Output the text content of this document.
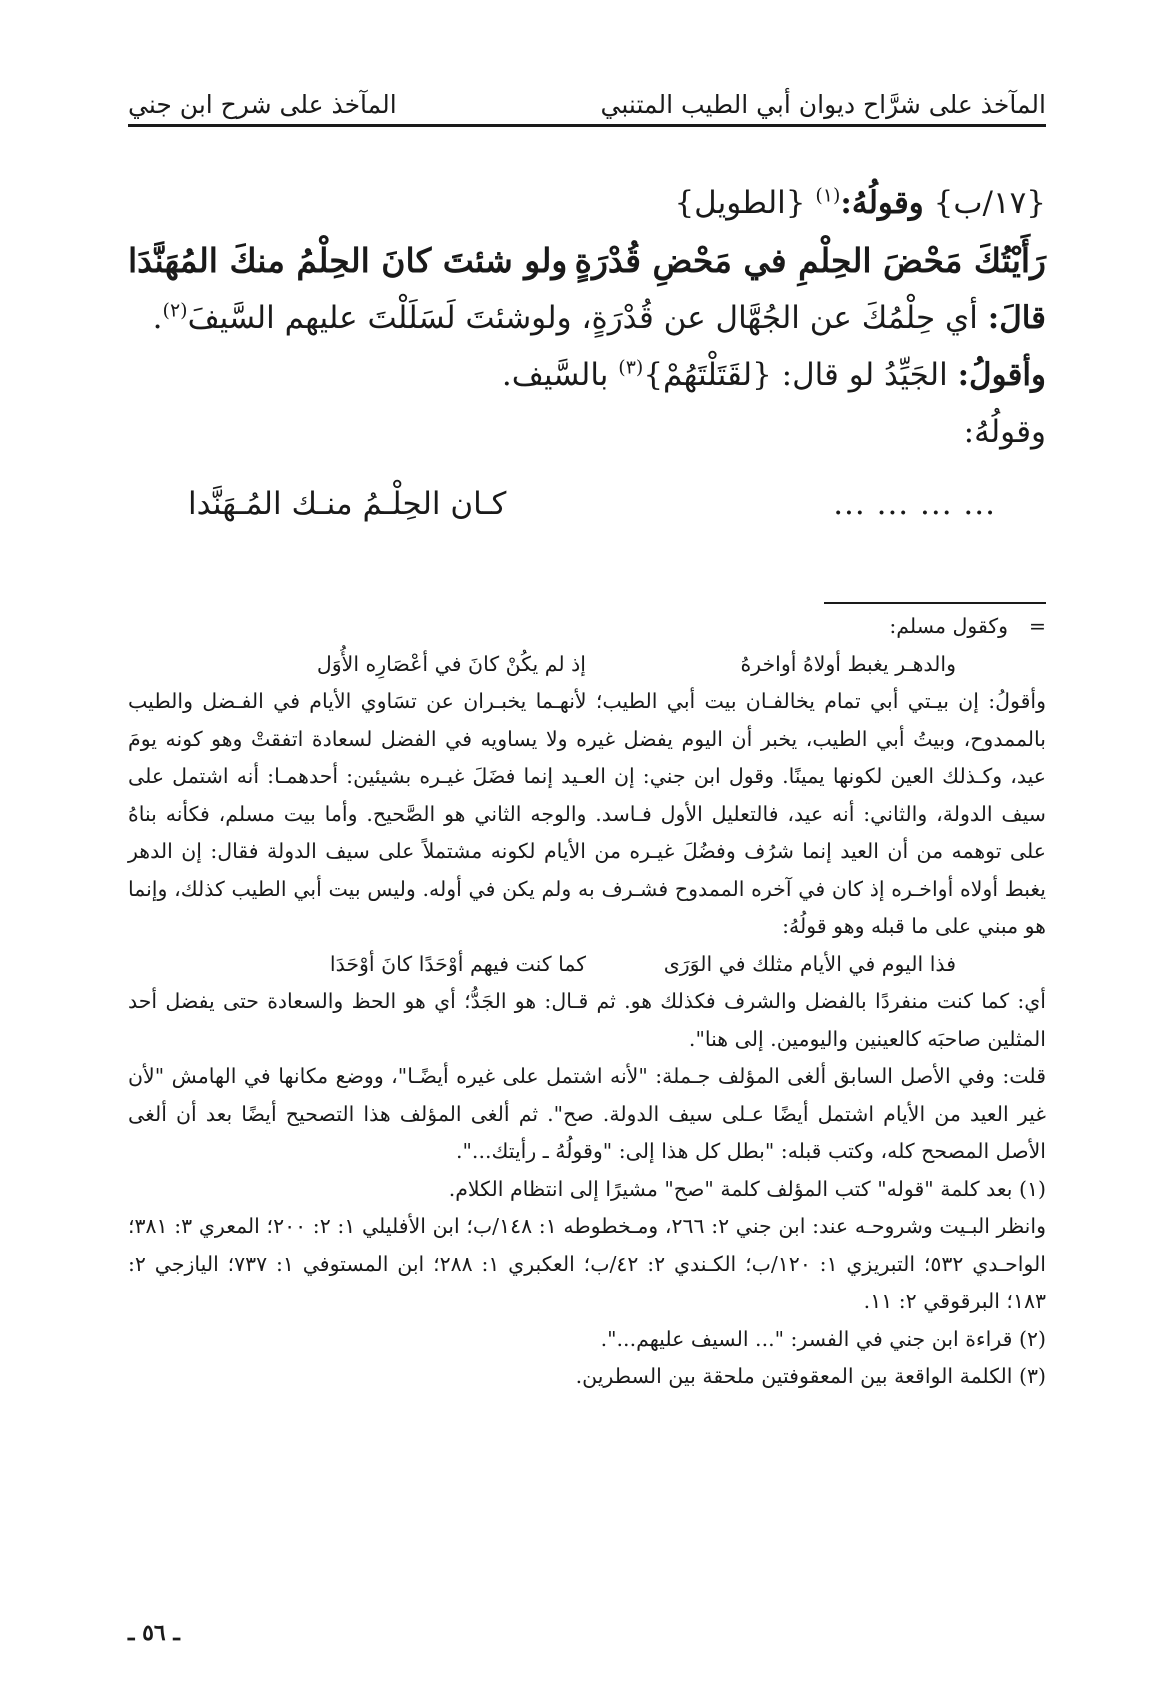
المآخذ على شرَّاح ديوان أبي الطيب المتنبي
المآخذ على شرح ابن جني
{١٧/ب} وقولُهُ:$^{(١)}$ {الطويل}
رَأَيْتُكَ مَحْضَ الحِلْمِ في مَحْضِ قُدْرَةٍ
ولو شئتَ كانَ الحِلْمُ منكَ المُهَنَّدَا
قالَ: أي حِلْمُكَ عن الجُهَّال عن قُدْرَةٍ، ولوشئتَ لَسَلَلْتَ عليهم السَّيفَ$^{(٢)}$.
وأقولُ: الجَيِّدُ لو قال: {لقَتَلْتَهُمْ}$^{(٣)}$ بالسَّيف.
وقولُهُ:
... ... ... ...
كـان الحِلْـمُ منـك المُـهَنَّدا

=وكقول مسلم:

والدهـر يغبط أولاهُ أواخرهُ
إذ لم يكُنْ كانَ في أعْصَارِه الأُوَل

وأقولُ: إن بيـتي أبي تمام يخالفـان بيت أبي الطيب؛ لأنهـما يخبـران عن تسَاوي الأيام في الفـضل والطيب بالممدوح، وبيتُ أبي الطيب، يخبر أن اليوم يفضل غيره ولا يساويه في الفضل لسعادة اتفقتْ وهو كونه يومَ عيد، وكـذلك العين لكونها يمينًا. وقول ابن جني: إن العـيد إنما فضَلَ غيـره بشيئين: أحدهمـا: أنه اشتمل على سيف الدولة، والثاني: أنه عيد، فالتعليل الأول فـاسد. والوجه الثاني هو الصَّحيح. وأما بيت مسلم، فكأنه بناهُ على توهمه من أن العيد إنما شرُف وفضُلَ غيـره من الأيام لكونه مشتملاً على سيف الدولة فقال: إن الدهر يغبط أولاه أواخـره إذ كان في آخره الممدوح فشـرف به ولم يكن في أوله. وليس بيت أبي الطيب كذلك، وإنما هو مبني على ما قبله وهو قولُهُ:

فذا اليوم في الأيام مثلك في الوَرَى
كما كنت فيهم أوْحَدًا كانَ أوْحَدَا

أي: كما كنت منفردًا بالفضل والشرف فكذلك هو. ثم قـال: هو الجَدُّ؛ أي هو الحظ والسعادة حتى يفضل أحد المثلين صاحبَه كالعينين واليومين. إلى هنا".

قلت: وفي الأصل السابق ألغى المؤلف جـملة: "لأنه اشتمل على غيره أيضًـا"، ووضع مكانها في الهامش "لأن غير العيد من الأيام اشتمل أيضًا عـلى سيف الدولة. صح". ثم ألغى المؤلف هذا التصحيح أيضًا بعد أن ألغى الأصل المصحح كله، وكتب قبله: "بطل كل هذا إلى: "وقولُهُ ـ رأيتك...".

(١) بعد كلمة "قوله" كتب المؤلف كلمة "صح" مشيرًا إلى انتظام الكلام.

وانظر البـيت وشروحـه عند: ابن جني ٢: ٢٦٦، ومـخطوطه ١: ١٤٨/ب؛ ابن الأفليلي ١: ٢: ٢٠٠؛ المعري ٣: ٣٨١؛ الواحـدي ٥٣٢؛ التبريزي ١: ١٢٠/ب؛ الكـندي ٢: ٤٢/ب؛ العكبري ١: ٢٨٨؛ ابن المستوفي ١: ٧٣٧؛ اليازجي ٢: ١٨٣؛ البرقوقي ٢: ١١.

(٢) قراءة ابن جني في الفسر: "... السيف عليهم...".

(٣) الكلمة الواقعة بين المعقوفتين ملحقة بين السطرين.

ـ ٥٦ ـ
